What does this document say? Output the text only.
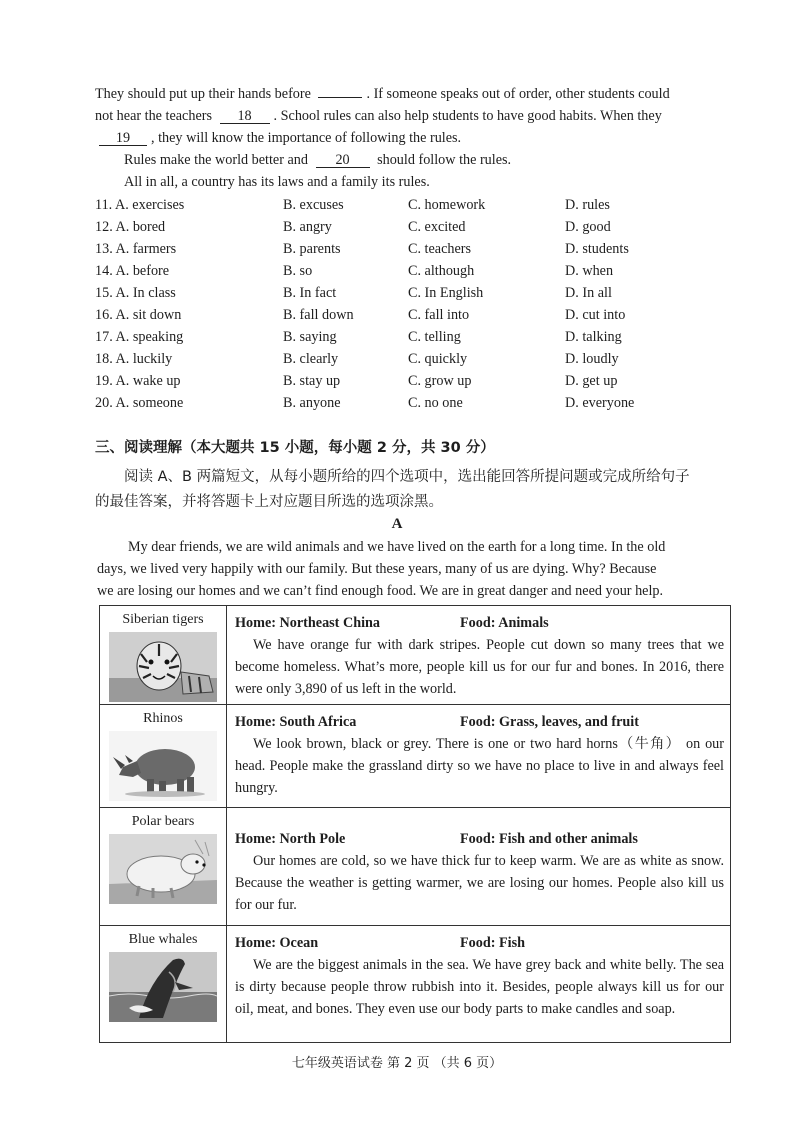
They should put up their hands before	. If someone speaks out of order, other students could
not hear the teachers 18 . School rules can also help students to have good habits. When they
19 , they will know the importance of following the rules.
Rules make the world better and 20 should follow the rules.
All in all, a country has its laws and a family its rules.
11. A. exercises	B. excuses	C. homework	D. rules
12. A. bored	B. angry	C. excited	D. good
13. A. farmers	B. parents	C. teachers	D. students
14. A. before	B. so	C. although	D. when
15. A. In class	B. In fact	C. In English	D. In all
16. A. sit down	B. fall down	C. fall into	D. cut into
17. A. speaking	B. saying	C. telling	D. talking
18. A. luckily	B. clearly	C. quickly	D. loudly
19. A. wake up	B. stay up	C. grow up	D. get up
20. A. someone	B. anyone	C. no one	D. everyone
三、阅读理解（本大题共 15 小题，每小题 2 分，共 30 分）
阅读 A、B 两篇短文，从每小题所给的四个选项中，选出能回答所提问题或完成所给句子
的最佳答案，并将答题卡上对应题目所选的选项涂黑。
A
My dear friends, we are wild animals and we have lived on the earth for a long time. In the old
days, we lived very happily with our family. But these years, many of us are dying. Why? Because
we are losing our homes and we can’t find enough food. We are in great danger and need your help.
Siberian tigers	Home: Northeast China Food: Animals

We have orange fur with dark stripes. People cut down so many trees that we become homeless. What’s more, people kill us for our fur and bones. In 2016, there were only 3,890 of us left in the world.

Rhinos	Home: South Africa Food: Grass, leaves, and fruit

We look brown, black or grey. There is one or two hard horns（牛角） on our head. People make the grassland dirty so we have no place to live in and always feel hungry.

Polar bears	Home: North Pole Food: Fish and other animals

Our homes are cold, so we have thick fur to keep warm. We are as white as snow. Because the weather is getting warmer, we are losing our homes. People also kill us for our fur.

Blue whales	Home: Ocean Food: Fish

We are the biggest animals in the sea. We have grey back and white belly. The sea is dirty because people throw rubbish into it. Besides, people always kill us for our oil, meat, and bones. They even use our body parts to make candles and soap.

七年级英语试卷 第 2 页 （共 6 页）
